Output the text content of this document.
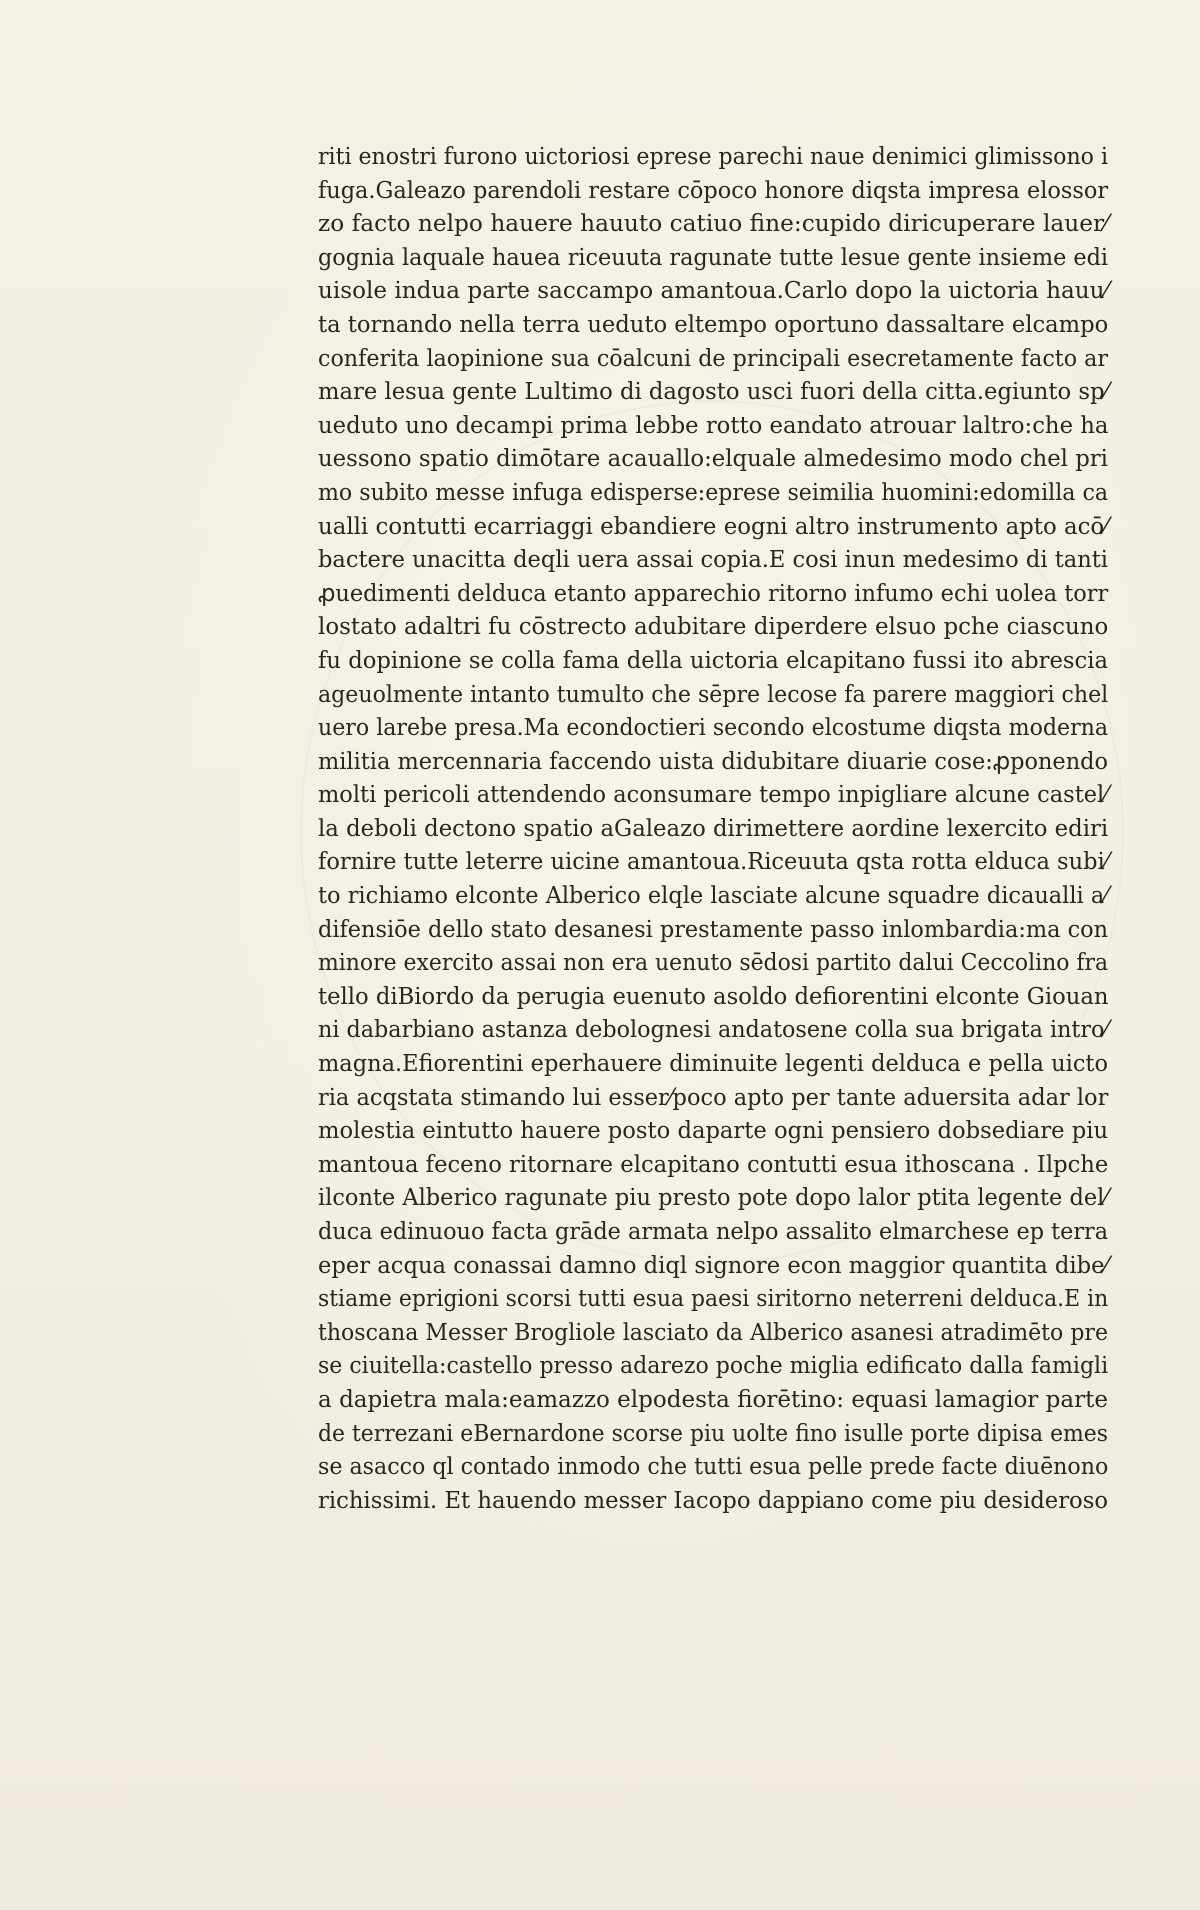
riti enostri furono uictoriosi eprese parechi naue denimici glimissono i
fuga.Galeazo parendoli restare cōpoco honore diqsta impresa elossor
zo facto nelpo hauere hauuto catiuo fine:cupido diricuperare lauer⁄
gognia laquale hauea riceuuta ragunate tutte lesue gente insieme edi
uisole indua parte saccampo amantoua.Carlo dopo la uictoria hauu⁄
ta tornando nella terra ueduto eltempo oportuno dassaltare elcampo
conferita laopinione sua cōalcuni de principali esecretamente facto ar
mare lesua gente Lultimo di dagosto usci fuori della citta.egiunto sp⁄
ueduto uno decampi prima lebbe rotto eandato atrouar laltro:che ha
uessono spatio dimōtare acauallo:elquale almedesimo modo chel pri
mo subito messe infuga edisperse:eprese seimilia huomini:edomilla ca
ualli contutti ecarriaggi ebandiere eogni altro instrumento apto acō⁄
bactere unacitta deqli uera assai copia.E cosi inun medesimo di tanti
ꝓuedimenti delduca etanto apparechio ritorno infumo echi uolea torr
lostato adaltri fu cōstrecto adubitare diperdere elsuo pche ciascuno
fu dopinione se colla fama della uictoria elcapitano fussi ito abrescia
ageuolmente intanto tumulto che sēpre lecose fa parere maggiori chel
uero larebe presa.Ma econdoctieri secondo elcostume diqsta moderna
militia mercennaria faccendo uista didubitare diuarie cose:ꝓponendo
molti pericoli attendendo aconsumare tempo inpigliare alcune castel⁄
la deboli dectono spatio aGaleazo dirimettere aordine lexercito ediri
fornire tutte leterre uicine amantoua.Riceuuta qsta rotta elduca subi⁄
to richiamo elconte Alberico elqle lasciate alcune squadre dicaualli a⁄
difensiōe dello stato desanesi prestamente passo inlombardia:ma con
minore exercito assai non era uenuto sēdosi partito dalui Ceccolino fra
tello diBiordo da perugia euenuto asoldo defiorentini elconte Giouan
ni dabarbiano astanza debolognesi andatosene colla sua brigata intro⁄
magna.Efiorentini eperhauere diminuite legenti delduca e pella uicto
ria acqstata stimando lui esser⁄poco apto per tante aduersita adar lor
molestia eintutto hauere posto daparte ogni pensiero dobsediare piu
mantoua feceno ritornare elcapitano contutti esua ithoscana . Ilpche
ilconte Alberico ragunate piu presto pote dopo lalor ptita legente del⁄
duca edinuouo facta grāde armata nelpo assalito elmarchese ep terra
eper acqua conassai damno diql signore econ maggior quantita dibe⁄
stiame eprigioni scorsi tutti esua paesi siritorno neterreni delduca.E in
thoscana Messer Brogliole lasciato da Alberico asanesi atradimēto pre
se ciuitella:castello presso adarezo poche miglia edificato dalla famigli
a dapietra mala:eamazzo elpodesta fiorētino: equasi lamagior parte
de terrezani eBernardone scorse piu uolte fino isulle porte dipisa emes
se asacco ql contado inmodo che tutti esua pelle prede facte diuēnono
richissimi. Et hauendo messer Iacopo dappiano come piu desideroso
